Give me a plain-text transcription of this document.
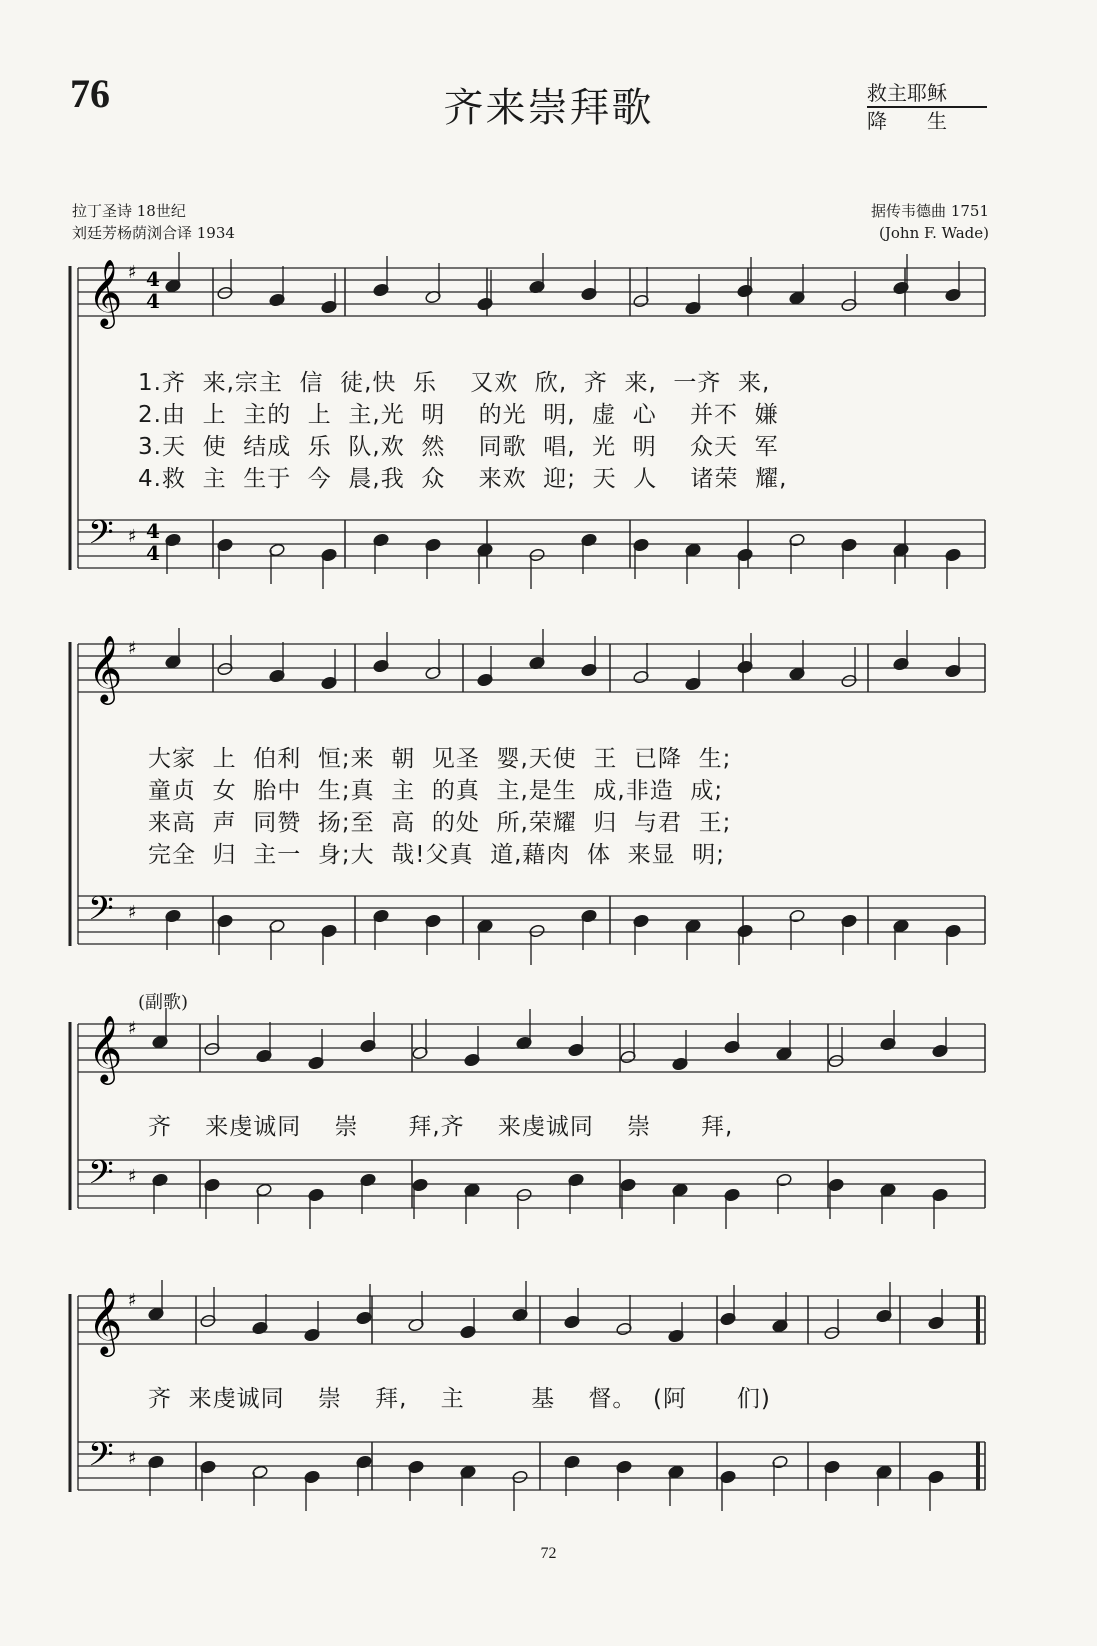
76	齐来崇拜歌	救主耶稣
降生
拉丁圣诗 18世纪
刘廷芳杨荫浏合译 1934
据传韦德曲 1751
(John F. Wade)
𝄞 ♯
𝄢 ♯
4
4
4
4
𝄞 ♯
𝄢 ♯
𝄞 ♯
𝄢 ♯
𝄞 ♯
𝄢 ♯
1.齐  来,宗主  信  徒,快  乐    又欢  欣,  齐  来,  一齐  来,
2.由  上  主的  上  主,光  明    的光  明,  虚  心    并不  嫌
3.天  使  结成  乐  队,欢  然    同歌  唱,  光  明    众天  军
4.救  主  生于  今  晨,我  众    来欢  迎;  天  人    诸荣  耀,
大家  上  伯利  恒;来  朝  见圣  婴,天使  王  已降  生;
童贞  女  胎中  生;真  主  的真  主,是生  成,非造  成;
来高  声  同赞  扬;至  高  的处  所,荣耀  归  与君  王;
完全  归  主一  身;大  哉!父真  道,藉肉  体  来显  明;
(副歌)
齐    来虔诚同    崇      拜,齐    来虔诚同    崇      拜,
齐  来虔诚同    崇    拜,    主        基    督。  (阿      们)
72
